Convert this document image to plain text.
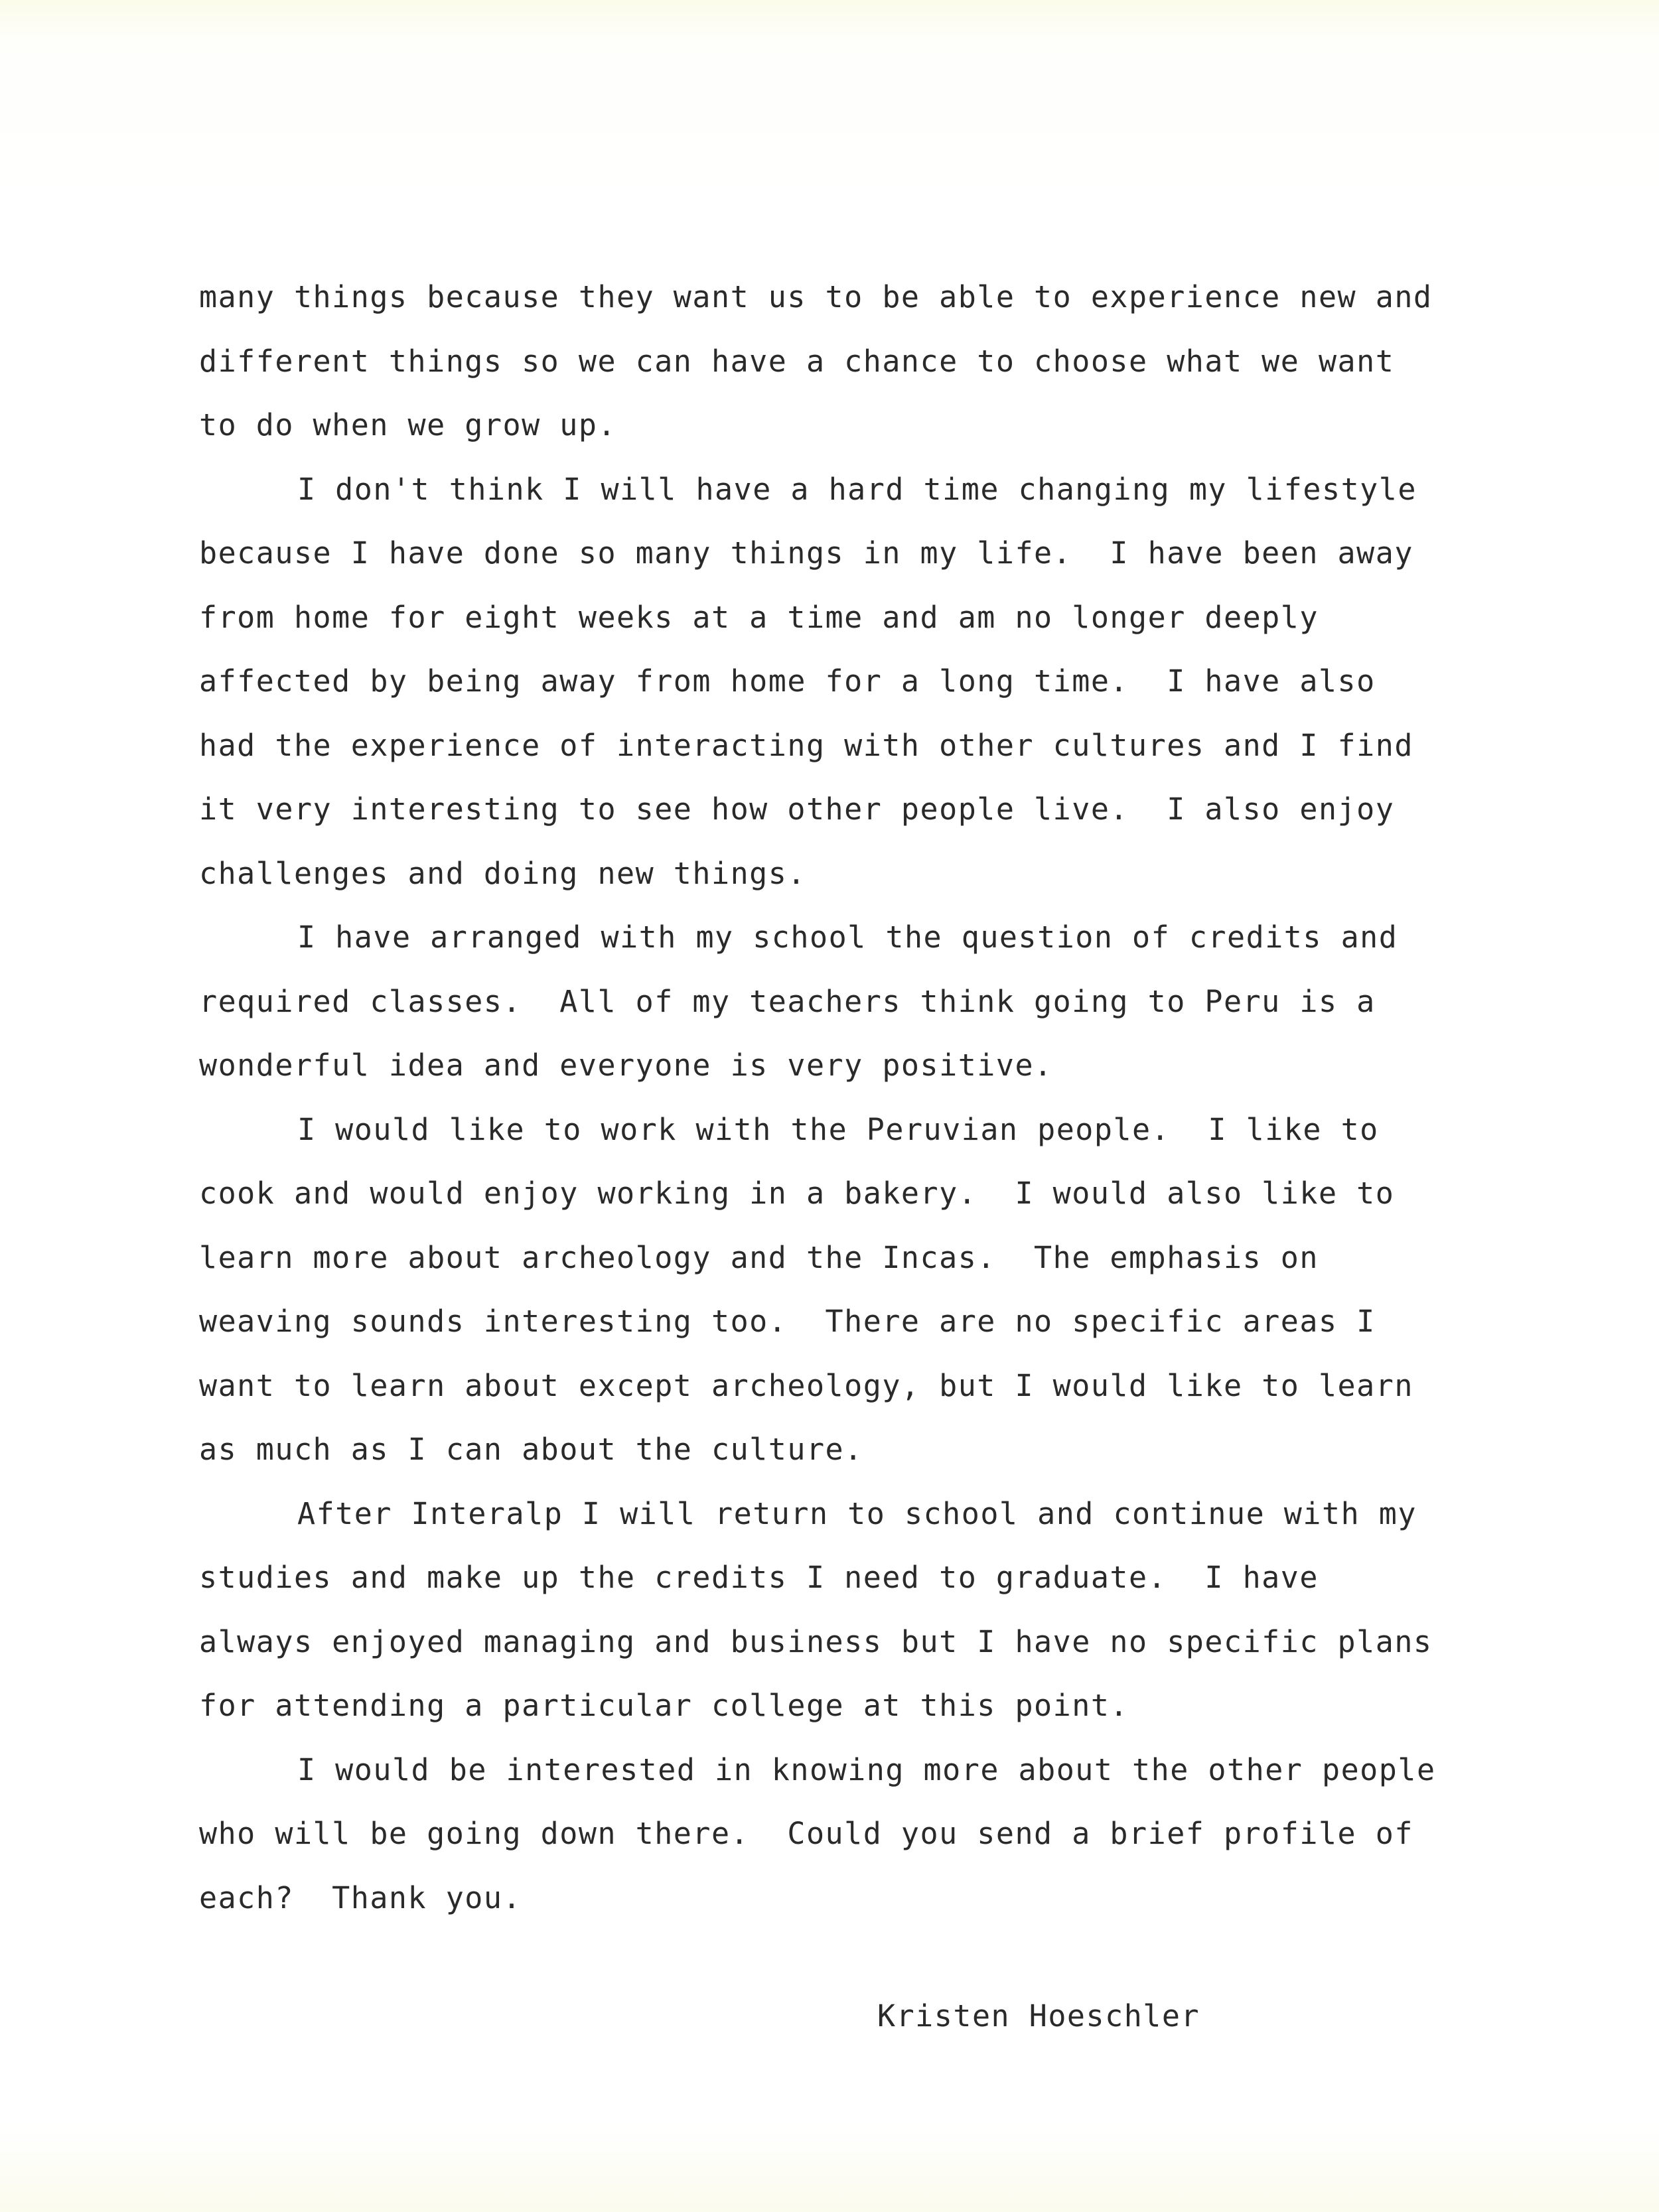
many things because they want us to be able to experience new and
different things so we can have a chance to choose what we want
to do when we grow up.
I don't think I will have a hard time changing my lifestyle
because I have done so many things in my life.  I have been away
from home for eight weeks at a time and am no longer deeply
affected by being away from home for a long time.  I have also
had the experience of interacting with other cultures and I find
it very interesting to see how other people live.  I also enjoy
challenges and doing new things.
I have arranged with my school the question of credits and
required classes.  All of my teachers think going to Peru is a
wonderful idea and everyone is very positive.
I would like to work with the Peruvian people.  I like to
cook and would enjoy working in a bakery.  I would also like to
learn more about archeology and the Incas.  The emphasis on
weaving sounds interesting too.  There are no specific areas I
want to learn about except archeology, but I would like to learn
as much as I can about the culture.
After Interalp I will return to school and continue with my
studies and make up the credits I need to graduate.  I have
always enjoyed managing and business but I have no specific plans
for attending a particular college at this point.
I would be interested in knowing more about the other people
who will be going down there.  Could you send a brief profile of
each?  Thank you.
Kristen Hoeschler
